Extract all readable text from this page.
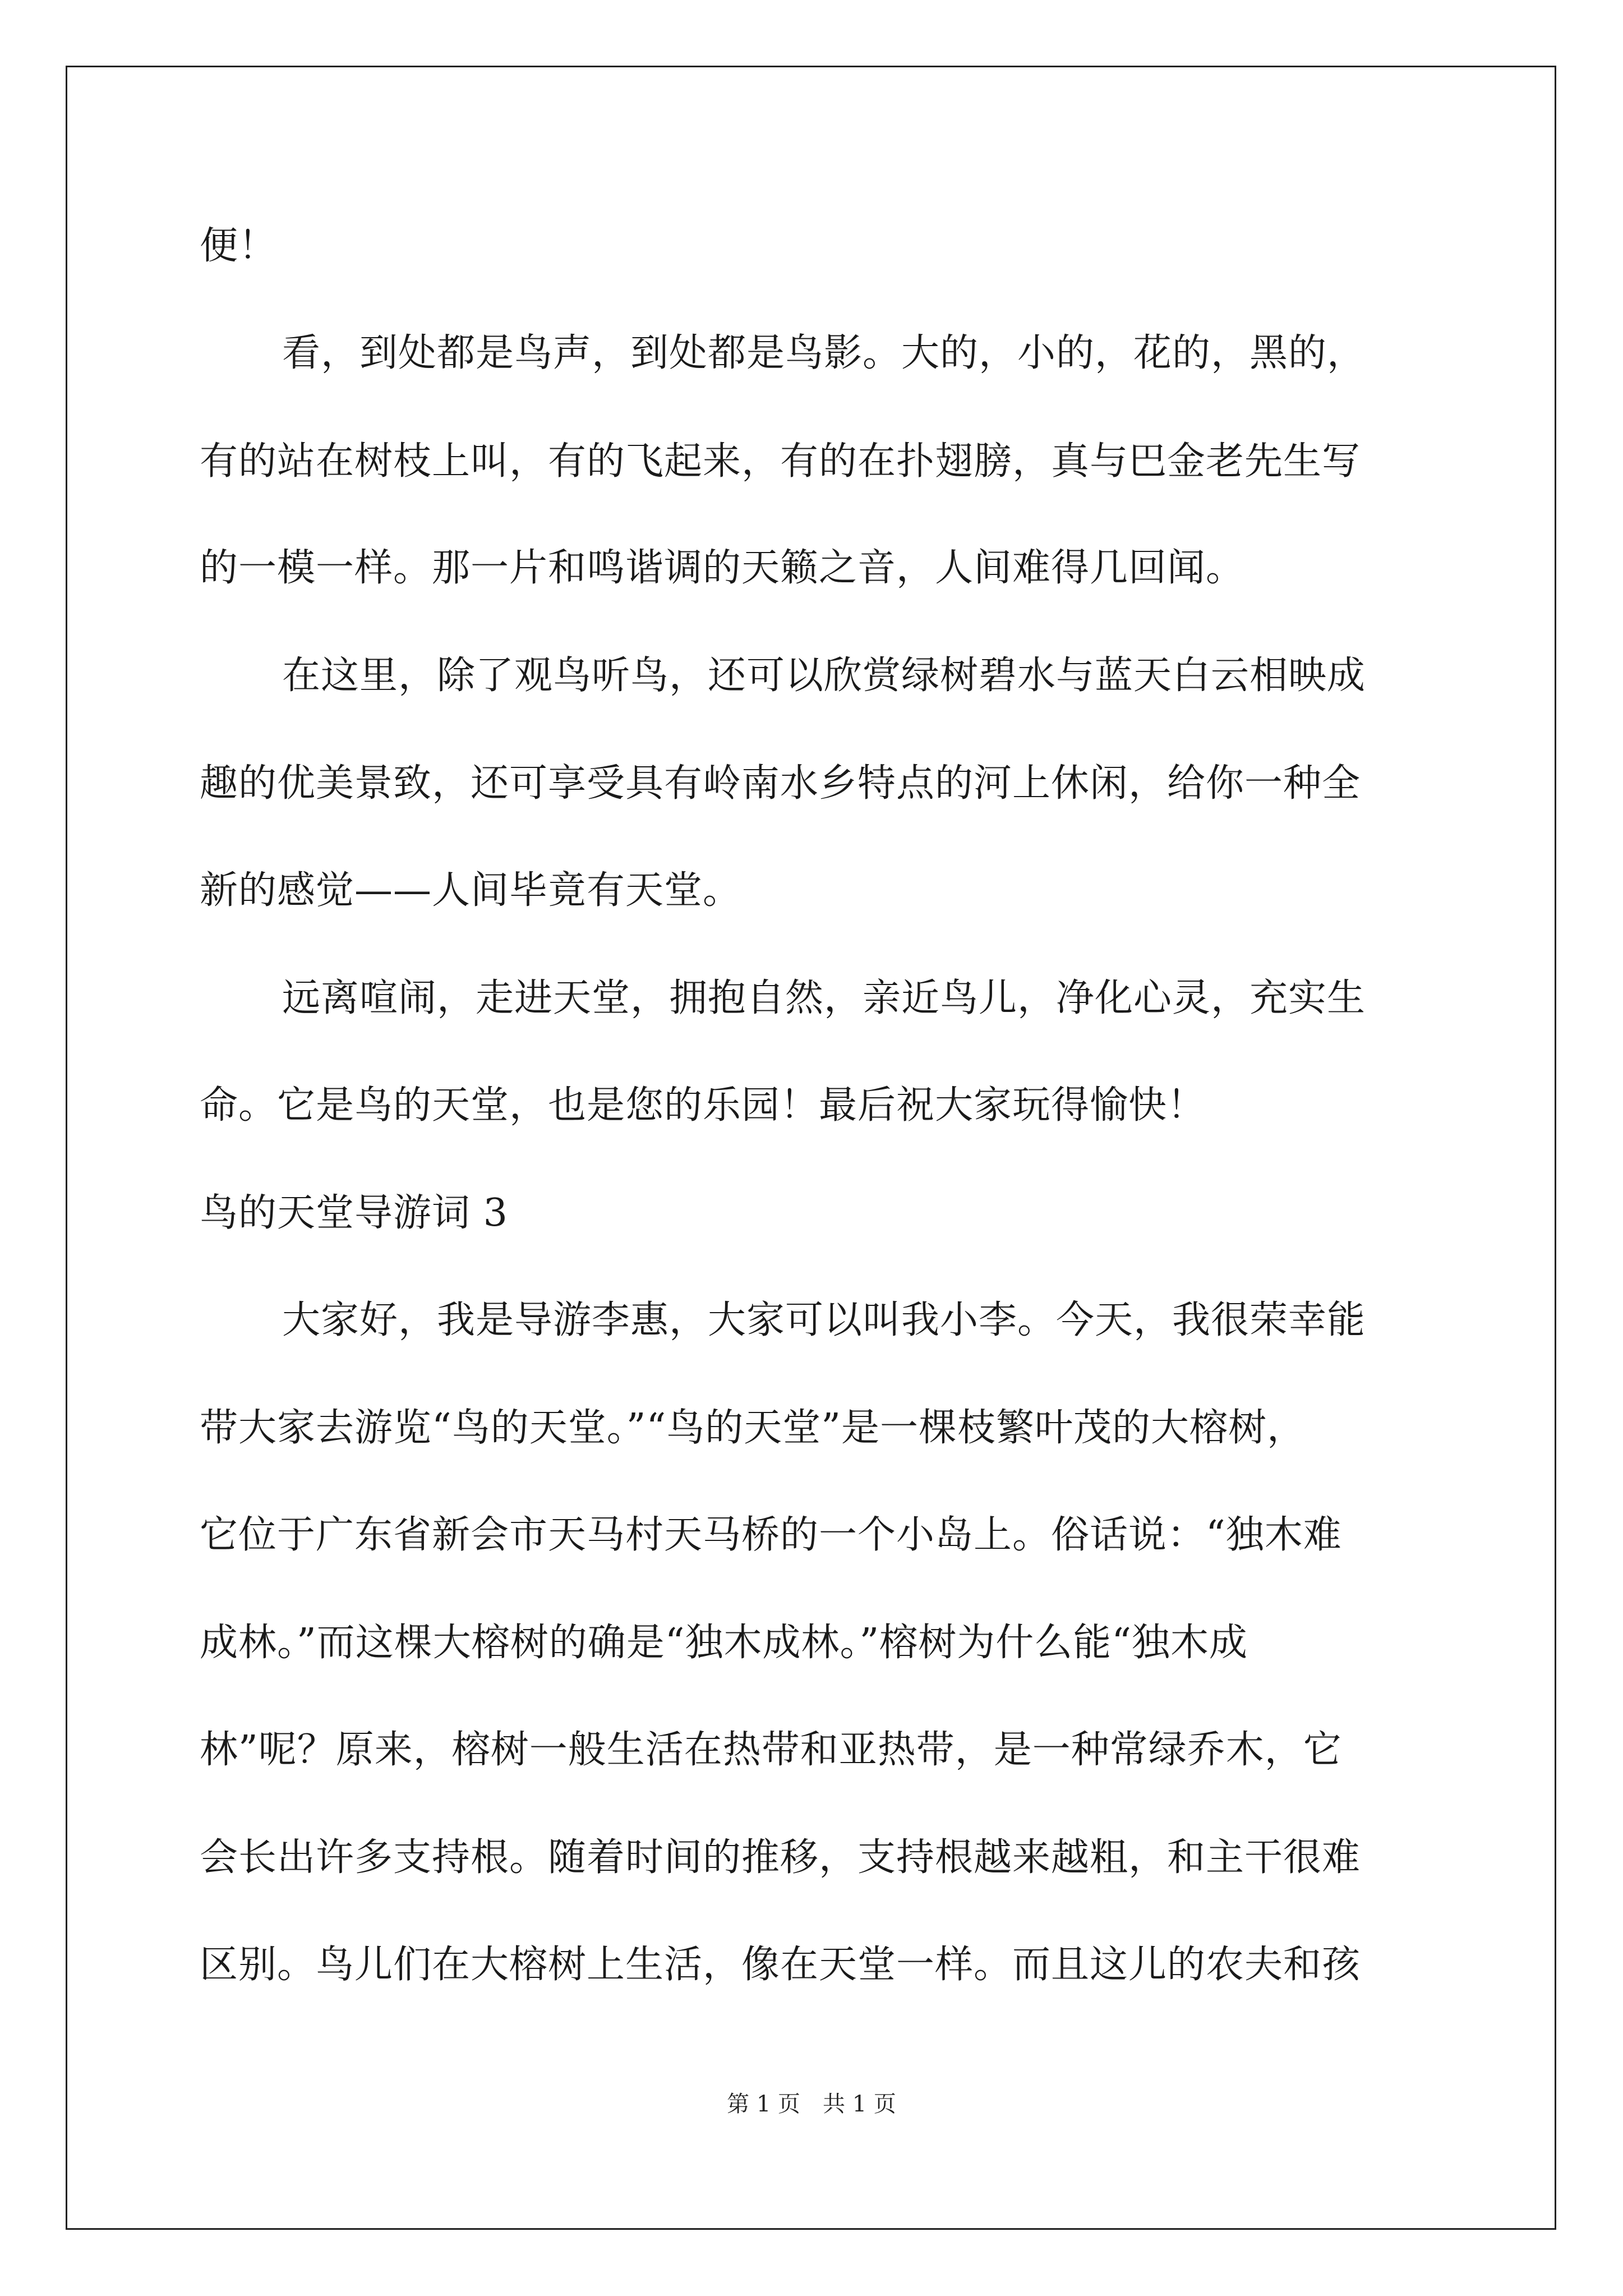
便！
看，到处都是鸟声，到处都是鸟影。大的，小的，花的，黑的，
有的站在树枝上叫，有的飞起来，有的在扑翅膀，真与巴金老先生写
的一模一样。那一片和鸣谐调的天籁之音，人间难得几回闻。
在这里，除了观鸟听鸟，还可以欣赏绿树碧水与蓝天白云相映成
趣的优美景致，还可享受具有岭南水乡特点的河上休闲，给你一种全
新的感觉——人间毕竟有天堂。
远离喧闹，走进天堂，拥抱自然，亲近鸟儿，净化心灵，充实生
命。它是鸟的天堂，也是您的乐园！最后祝大家玩得愉快！
鸟的天堂导游词 3
大家好，我是导游李惠，大家可以叫我小李。今天，我很荣幸能
带大家去游览“鸟的天堂。”“鸟的天堂”是一棵枝繁叶茂的大榕树，
它位于广东省新会市天马村天马桥的一个小岛上。俗话说：“独木难
成林。”而这棵大榕树的确是“独木成林。”榕树为什么能“独木成
林”呢？原来，榕树一般生活在热带和亚热带，是一种常绿乔木，它
会长出许多支持根。随着时间的推移，支持根越来越粗，和主干很难
区别。鸟儿们在大榕树上生活，像在天堂一样。而且这儿的农夫和孩
第 1 页　共 1 页
